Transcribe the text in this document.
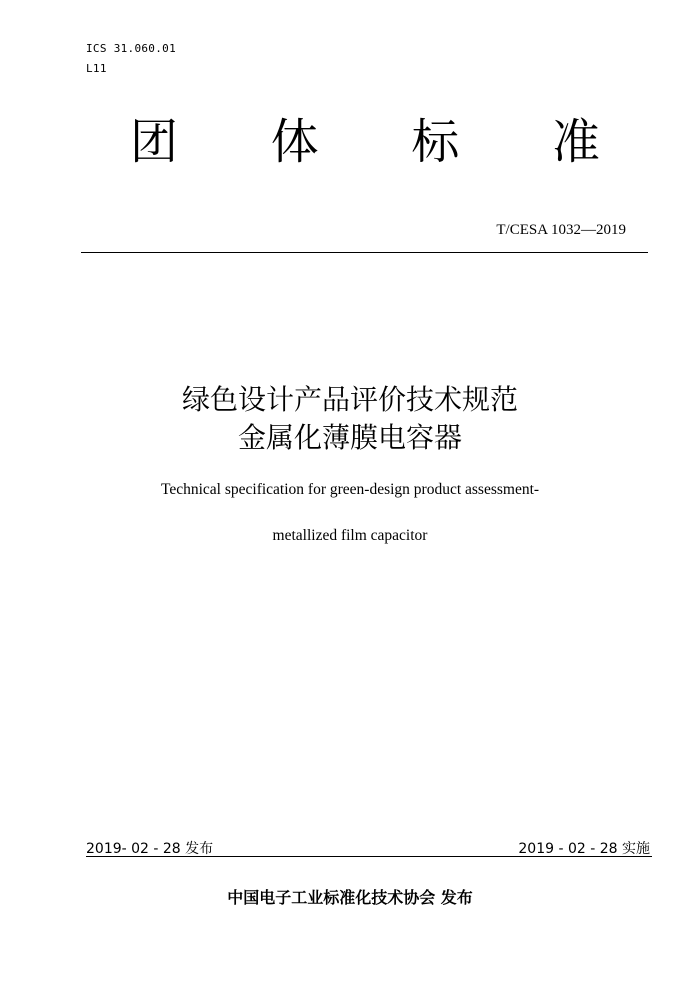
ICS 31.060.01
L11
团 体 标 准
T/CESA 1032—2019
绿色设计产品评价技术规范
金属化薄膜电容器
Technical specification for green-design product assessment-
metallized film capacitor
2019- 02 - 28 发布	2019 - 02 - 28 实施
中国电子工业标准化技术协会 发布
